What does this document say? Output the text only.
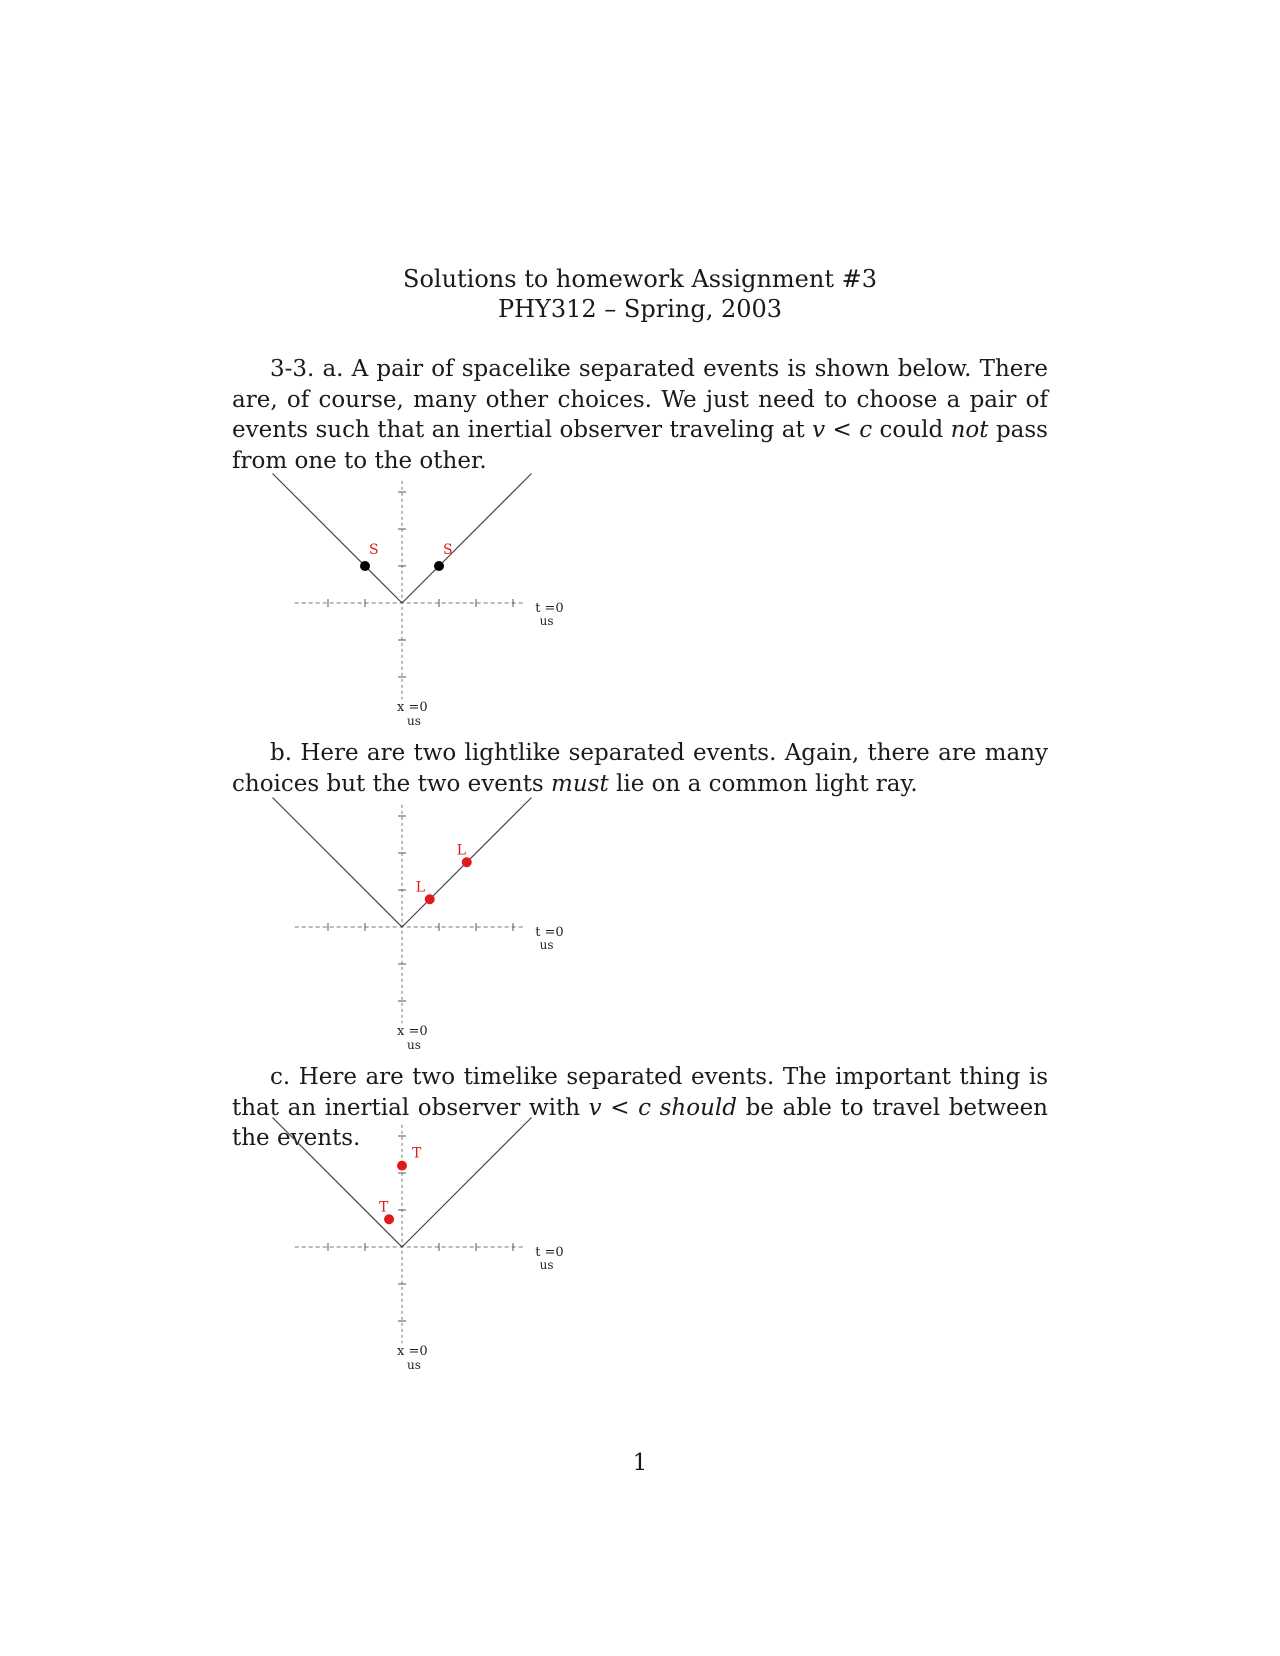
Solutions to homework Assignment #3
PHY312 – Spring, 2003
3-3. a. A pair of spacelike separated events is shown below. There are, of course, many other choices. We just need to choose a pair of events such that an inertial observer traveling at v < c could not pass from one to the other.
t =0
us
x =0
us
S	S
b. Here are two lightlike separated events. Again, there are many choices but the two events must lie on a common light ray.
t =0
us
x =0
us
L
L
c. Here are two timelike separated events. The important thing is that an inertial observer with v < c should be able to travel between the events.
t =0
us
x =0
us
T
T
1
